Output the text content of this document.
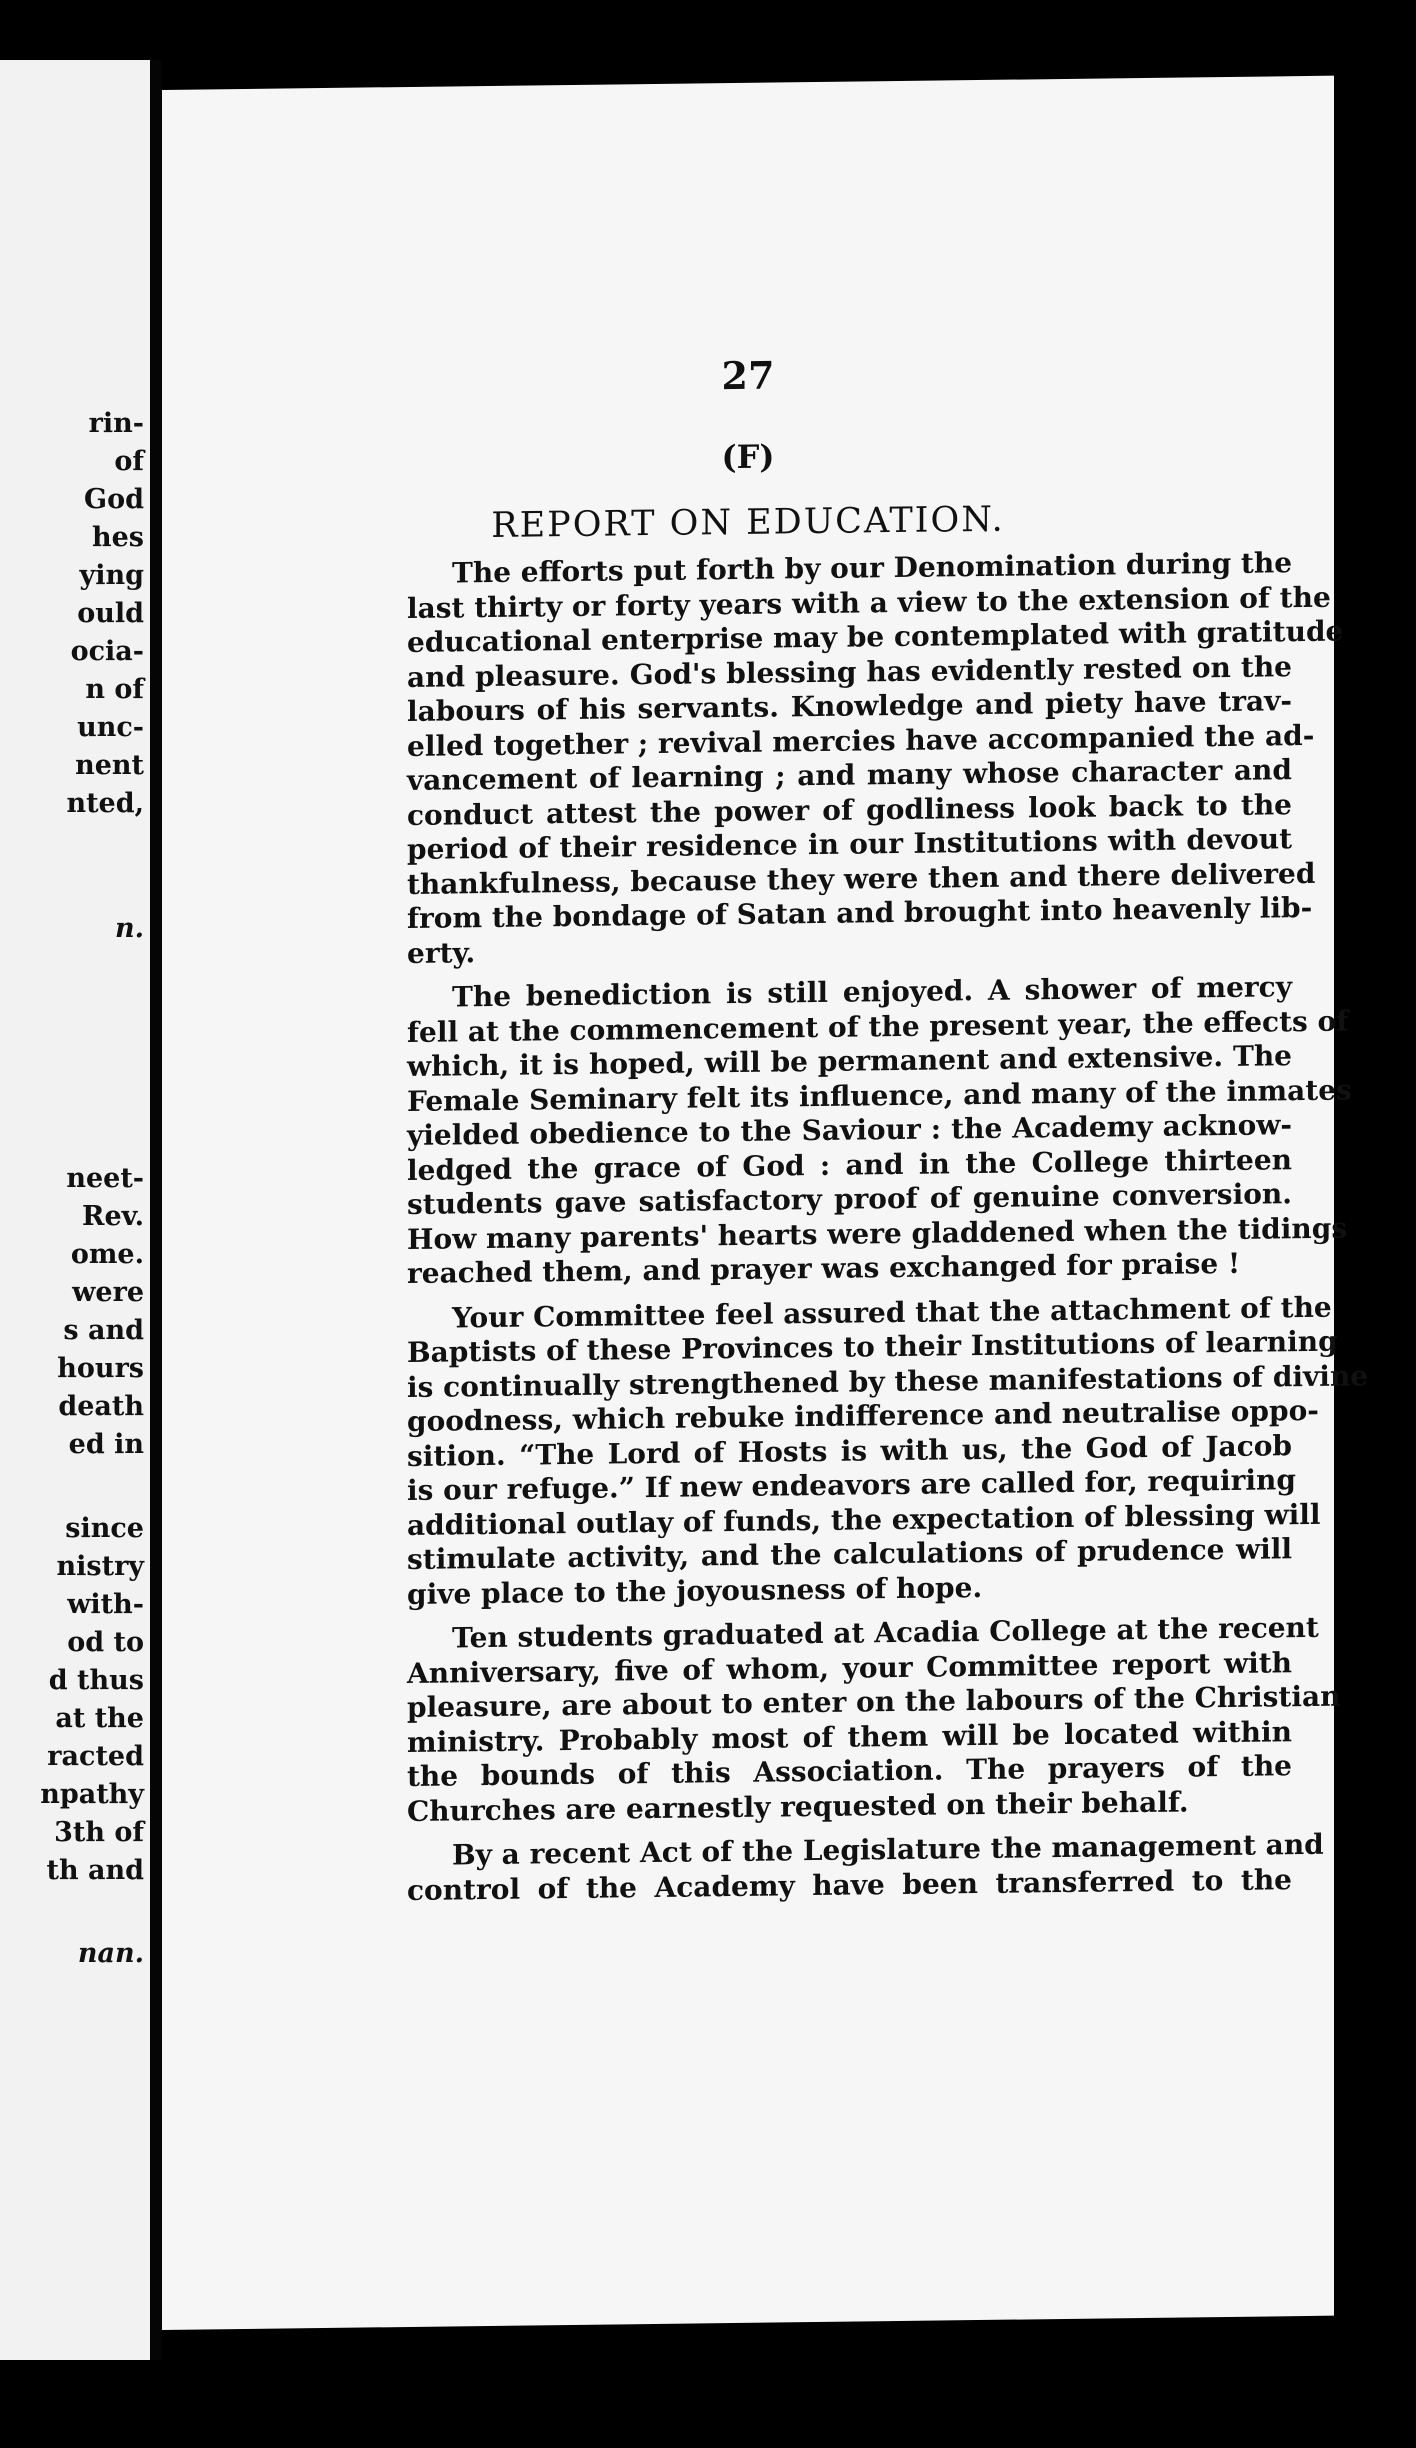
rin-
of
God
hes
ying
ould
ocia-
n of
unc-
nent
nted,
n.
neet-
Rev.
ome.
were
s and
hours
death
ed in
since
nistry
with-
od to
d thus
at the
racted
npathy
3th of
th and
nan.
27
(F)
REPORT ON EDUCATION.
The efforts put forth by our Denomination during the
last thirty or forty years with a view to the extension of the
educational enterprise may be contemplated with gratitude
and pleasure. God's blessing has evidently rested on the
labours of his servants. Knowledge and piety have trav-
elled together ; revival mercies have accompanied the ad-
vancement of learning ; and many whose character and
conduct attest the power of godliness look back to the
period of their residence in our Institutions with devout
thankfulness, because they were then and there delivered
from the bondage of Satan and brought into heavenly lib-
erty.
The benediction is still enjoyed. A shower of mercy
fell at the commencement of the present year, the effects of
which, it is hoped, will be permanent and extensive. The
Female Seminary felt its influence, and many of the inmates
yielded obedience to the Saviour : the Academy acknow-
ledged the grace of God : and in the College thirteen
students gave satisfactory proof of genuine conversion.
How many parents' hearts were gladdened when the tidings
reached them, and prayer was exchanged for praise !
Your Committee feel assured that the attachment of the
Baptists of these Provinces to their Institutions of learning
is continually strengthened by these manifestations of divine
goodness, which rebuke indifference and neutralise oppo-
sition. “The Lord of Hosts is with us, the God of Jacob
is our refuge.” If new endeavors are called for, requiring
additional outlay of funds, the expectation of blessing will
stimulate activity, and the calculations of prudence will
give place to the joyousness of hope.
Ten students graduated at Acadia College at the recent
Anniversary, five of whom, your Committee report with
pleasure, are about to enter on the labours of the Christian
ministry. Probably most of them will be located within
the bounds of this Association. The prayers of the
Churches are earnestly requested on their behalf.
By a recent Act of the Legislature the management and
control of the Academy have been transferred to the
